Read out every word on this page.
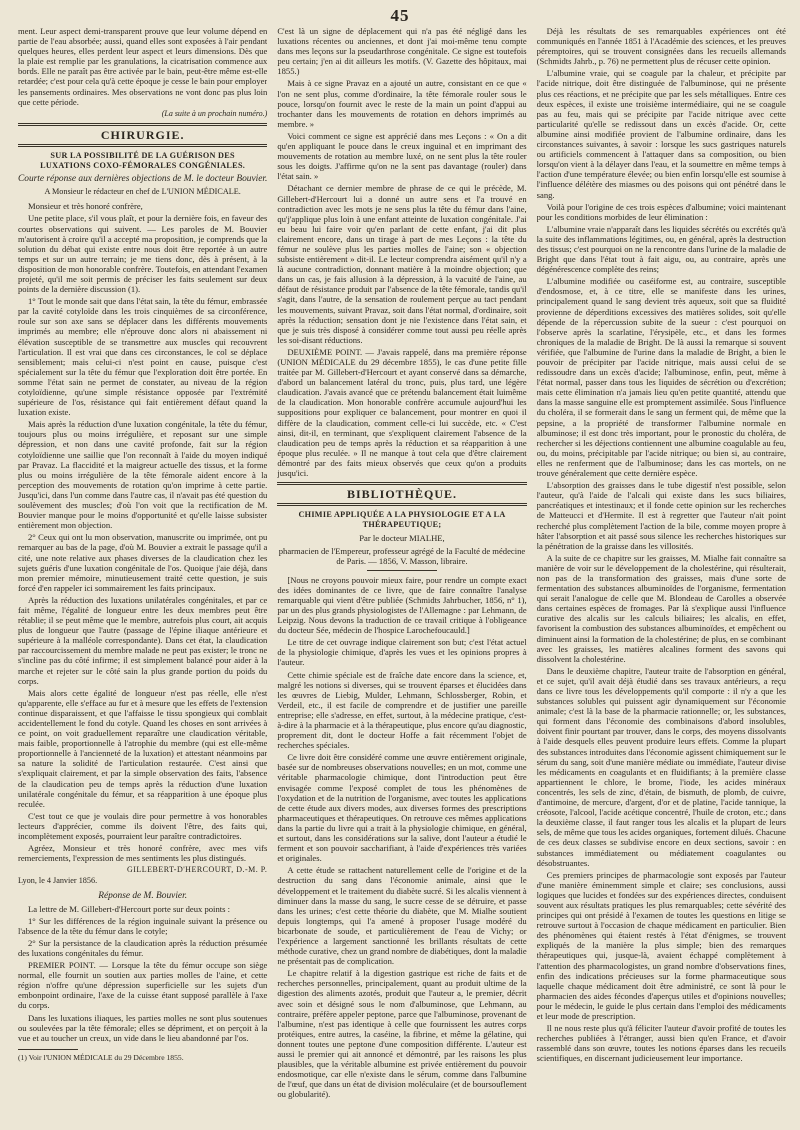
45

ment. Leur aspect demi-transparent prouve que leur volume dépend en partie de l'eau absorbée; aussi, quand elles sont exposées à l'air pendant quelques heures, elles perdent leur aspect et leurs dimensions. Dès que la plaie est remplie par les granulations, la cicatrisation commence aux bords. Elle ne paraît pas être activée par le bain, peut-être même est-elle retardée; c'est pour cela qu'à cette époque je cesse le bain pour employer les pansements ordinaires. Mes observations ne vont donc pas plus loin que cette période.

(La suite à un prochain numéro.)
CHIRURGIE.
SUR LA POSSIBILITÉ DE LA GUÉRISON DES LUXATIONS COXO-FÉMORALES CONGÉNIALES.
Courte réponse aux dernières objections de M. le docteur Bouvier.
A Monsieur le rédacteur en chef de L'UNION MÉDICALE.

Monsieur et très honoré confrère,

Une petite place, s'il vous plaît, et pour la dernière fois, en faveur des courtes observations qui suivent. — Les paroles de M. Bouvier m'autorisent à croire qu'il a accepté ma proposition, je comprends que la solution du débat qui existe entre nous doit être reportée à un autre temps et sur un autre terrain; je me tiens donc, dès à présent, à la disposition de mon honorable confrère. Toutefois, en attendant l'examen projeté, qu'il me soit permis de préciser les faits seulement sur deux points de la dernière discussion (1).

1° Tout le monde sait que dans l'état sain, la tête du fémur, embrassée par la cavité cotyloïde dans les trois cinquièmes de sa circonférence, roule sur son axe sans se déplacer dans les différents mouvements imprimés au membre; elle n'éprouve donc alors ni abaissement ni élévation susceptible de se transmettre aux muscles qui recouvrent l'articulation. Il est vrai que dans ces circonstances, le col se déplace sensiblement; mais celui-ci n'est point en cause, puisque c'est spécialement sur la tête du fémur que l'exploration doit être portée. En somme l'état sain ne permet de constater, au niveau de la région cotyloïdienne, qu'une simple résistance opposée par l'extrémité supérieure de l'os, résistance qui fait entièrement défaut quand la luxation existe.

Mais après la réduction d'une luxation congénitale, la tête du fémur, toujours plus ou moins irrégulière, et reposant sur une simple dépression, et non dans une cavité profonde, fait sur la région cotyloïdienne une saillie que l'on reconnaît à l'aide du moyen indiqué par Pravaz. La flaccidité et la maigreur actuelle des tissus, et la forme plus ou moins irrégulière de la tête fémorale aident encore à la perception des mouvements de rotation qu'on imprime à cette partie. Jusqu'ici, dans l'un comme dans l'autre cas, il n'avait pas été question du soulèvement des muscles; d'où l'on voit que la rectification de M. Bouvier manque pour le moins d'opportunité et qu'elle laisse subsister entièrement mon objection.

2° Ceux qui ont lu mon observation, manuscrite ou imprimée, ont pu remarquer au bas de la page, d'où M. Bouvier a extrait le passage qu'il a cité, une note relative aux phases diverses de la claudication chez les sujets guéris d'une luxation congénitale de l'os. Quoique j'aie déjà, dans mon premier mémoire, minutieusement traité cette question, je suis forcé d'en rappeler ici sommairement les faits principaux.

Après la réduction des luxations unilatérales congénitales, et par ce fait même, l'égalité de longueur entre les deux membres peut être rétablie; il se peut même que le membre, autrefois plus court, ait acquis plus de longueur que l'autre (passage de l'épine iliaque antérieure et supérieure à la malléole correspondante). Dans cet état, la claudication par raccourcissement du membre malade ne peut pas exister; le tronc ne s'incline pas du côté infirme; il est simplement balancé pour aider à la marche et rejeter sur le côté sain la plus grande portion du poids du corps.

Mais alors cette égalité de longueur n'est pas réelle, elle n'est qu'apparente, elle s'efface au fur et à mesure que les effets de l'extension continue disparaissent, et que l'affaisse le tissu spongieux qui comblait accidentellement le fond du cotyle. Quand les choses en sont arrivées à ce point, on voit graduellement reparaître une claudication véritable, mais faible, proportionnelle à l'atrophie du membre (qui est elle-même proportionnelle à l'ancienneté de la luxation) et attestant néanmoins par sa nature la solidité de l'articulation restaurée. C'est ainsi que s'expliquait clairement, et par la simple observation des faits, l'absence de la claudication peu de temps après la réduction d'une luxation unilatérale congénitale du fémur, et sa réapparition à une époque plus reculée.

C'est tout ce que je voulais dire pour permettre à vos honorables lecteurs d'apprécier, comme ils doivent l'être, des faits qui, incomplètement exposés, pourraient leur paraître contradictoires.

Agréez, Monsieur et très honoré confrère, avec mes vifs remerciements, l'expression de mes sentiments les plus distingués.

GILLEBERT-D'HERCOURT, D.-M. P.
Lyon, le 4 Janvier 1856.
Réponse de M. Bouvier.

La lettre de M. Gillebert-d'Hercourt porte sur deux points :

1° Sur les différences de la région inguinale suivant la présence ou l'absence de la tête du fémur dans le cotyle;

2° Sur la persistance de la claudication après la réduction présumée des luxations congénitales du fémur.

PREMIER POINT. — Lorsque la tête du fémur occupe son siège normal, elle fournit un soutien aux parties molles de l'aine, et cette région n'offre qu'une dépression superficielle sur les sujets d'un embonpoint ordinaire, l'axe de la cuisse étant supposé parallèle à l'axe du corps.

Dans les luxations iliaques, les parties molles ne sont plus soutenues ou soulevées par la tête fémorale; elles se dépriment, et on perçoit à la vue et au toucher un creux, un vide dans le lieu abandonné par l'os.

(1) Voir l'UNION MÉDICALE du 29 Décembre 1855.

C'est là un signe de déplacement qui n'a pas été négligé dans les luxations récentes ou anciennes, et dont j'ai moi-même tenu compte dans mes leçons sur la pseudarthrose congénitale. Ce signe est toutefois peu certain; j'en ai dit ailleurs les motifs. (V. Gazette des hôpitaux, mai 1855.)

Mais à ce signe Pravaz en a ajouté un autre, consistant en ce que « l'on ne sent plus, comme d'ordinaire, la tête fémorale rouler sous le pouce, lorsqu'on fournit avec le reste de la main un point d'appui au trochanter dans les mouvements de rotation en dehors imprimés au membre. »

Voici comment ce signe est apprécié dans mes Leçons : « On a dit qu'en appliquant le pouce dans le creux inguinal et en imprimant des mouvements de rotation au membre luxé, on ne sent plus la tête rouler sous les doigts. J'affirme qu'on ne la sent pas davantage (rouler) dans l'état sain. »

Détachant ce dernier membre de phrase de ce qui le précède, M. Gillebert-d'Hercourt lui a donné un autre sens et l'a trouvé en contradiction avec les mots je ne sens plus la tête du fémur dans l'aine, qu'j'applique plus loin à une enfant atteinte de luxation congénitale. J'ai eu beau lui faire voir qu'en parlant de cette enfant, j'ai dit plus clairement encore, dans un tirage à part de mes Leçons : la tête du fémur ne soulève plus les parties molles de l'aine; son « objection subsiste entièrement » dit-il. Le lecteur comprendra aisément qu'il n'y a là aucune contradiction, donnant matière à la moindre objection; que dans un cas, je fais allusion à la dépression, à la vacuité de l'aine, au défaut de résistance produit par l'absence de la tête fémorale, tandis qu'il s'agit, dans l'autre, de la sensation de roulement perçue au tact pendant les mouvements, suivant Pravaz, soit dans l'état normal, d'ordinaire, soit après la réduction; sensation dont je nie l'existence dans l'état sain, et que je suis très disposé à considérer comme tout aussi peu réelle après les soi-disant réductions.

DEUXIÈME POINT. — J'avais rappelé, dans ma première réponse (UNION MÉDICALE du 29 décembre 1855), le cas d'une petite fille traitée par M. Gillebert-d'Hercourt et ayant conservé dans sa démarche, d'abord un balancement latéral du tronc, puis, plus tard, une légère claudication. J'avais avancé que ce prétendu balancement était luimême de la claudication. Mon honorable confrère accumule aujourd'hui les suppositions pour expliquer ce balancement, pour montrer en quoi il diffère de la claudication, comment celle-ci lui succède, etc. « C'est ainsi, dit-il, en terminant, que s'expliquent clairement l'absence de la claudication peu de temps après la réduction et sa réapparition à une époque plus reculée. » Il ne manque à tout cela que d'être clairement démontré par des faits mieux observés que ceux qu'on a produits jusqu'ici.

BIBLIOTHÈQUE.
CHIMIE APPLIQUÉE A LA PHYSIOLOGIE ET A LA THÉRAPEUTIQUE;
Par le docteur MIALHE,
pharmacien de l'Empereur, professeur agrégé de la Faculté de médecine de Paris. — 1856, V. Masson, libraire.

[Nous ne croyons pouvoir mieux faire, pour rendre un compte exact des idées dominantes de ce livre, que de faire connaître l'analyse remarquable qui vient d'être publiée (Schmidts Jahrbucher, 1856, n° 1), par un des plus grands physiologistes de l'Allemagne : par Lehmann, de Leipzig. Nous devons la traduction de ce travail critique à l'obligeance du docteur Sée, médecin de l'hospice Larochefoucauld.]

Le titre de cet ouvrage indique clairement son but; c'est l'état actuel de la physiologie chimique, d'après les vues et les opinions propres à l'auteur.

Cette chimie spéciale est de fraîche date encore dans la science, et, malgré les notions si diverses, qui se trouvent éparses et élucidées dans les œuvres de Liebig, Mulder, Lehmann, Schlossberger, Robin, et Verdeil, etc., il est facile de comprendre et de justifier une pareille entreprise; elle s'adresse, en effet, surtout, à la médecine pratique, c'est-à-dire à la pharmacie et à la thérapeutique, plus encore qu'au diagnostic, proprement dit, dont le docteur Hoffe a fait récemment l'objet de recherches spéciales.

Ce livre doit être considéré comme une œuvre entièrement originale, basée sur de nombreuses observations nouvelles; en un mot, comme une véritable pharmacologie chimique, dont l'introduction peut être envisagée comme l'exposé complet de tous les phénomènes de l'oxydation et de la nutrition de l'organisme, avec toutes les applications de cette étude aux divers modes, aux diverses formes des prescriptions pharmaceutiques et thérapeutiques. On retrouve ces mêmes applications dans la partie du livre qui a trait à la physiologie chimique, en général, et surtout, dans les considérations sur la salive, dont l'auteur a étudié le ferment et son pouvoir saccharifiant, à l'aide d'expériences très variées et originales.

A cette étude se rattachent naturellement celle de l'origine et de la destruction du sang dans l'économie animale, ainsi que le développement et le traitement du diabète sucré. Si les alcalis viennent à diminuer dans la masse du sang, le sucre cesse de se détruire, et passe dans les urines; c'est cette théorie du diabète, que M. Mialhe soutient depuis longtemps, qui l'a amené à proposer l'usage modéré du bicarbonate de soude, et particulièrement de l'eau de Vichy; or l'expérience a largement sanctionné les brillants résultats de cette méthode curative, chez un grand nombre de diabétiques, dont la maladie ne présentait pas de complication.

Le chapitre relatif à la digestion gastrique est riche de faits et de recherches personnelles, principalement, quant au produit ultime de la digestion des aliments azotés, produit que l'auteur a, le premier, décrit avec soin et désigné sous le nom d'albuminose, que Lehmann, au contraire, préfère appeler peptone, parce que l'albuminose, provenant de l'albumine, n'est pas identique à celle que fournissent les autres corps protéiques, entre autres, la caséine, la fibrine, et même la gélatine, qui donnent toutes une peptone d'une composition différente. L'auteur est aussi le premier qui ait annoncé et démontré, par les raisons les plus plausibles, que la véritable albumine est privée entièrement du pouvoir endosmotique, car elle n'existe dans le sérum, comme dans l'albumine de l'œuf, que dans un état de division moléculaire (et de boursouflement ou globularité).

Déjà les résultats de ses remarquables expériences ont été communiqués en l'année 1851 à l'Académie des sciences, et les preuves péremptoires, qui se trouvent consignées dans les recueils allemands (Schmidts Jahrb., p. 76) ne permettent plus de récuser cette opinion.

L'albumine vraie, qui se coagule par la chaleur, et précipite par l'acide nitrique, doit être distinguée de l'albuminose, qui ne présente plus ces réactions, et ne précipite que par les sels métalliques. Entre ces deux espèces, il existe une troisième intermédiaire, qui ne se coagule pas au feu, mais qui se précipite par l'acide nitrique avec cette particularité qu'elle se redissout dans un excès d'acide. Or, cette albumine ainsi modifiée provient de l'albumine ordinaire, dans les circonstances suivantes, à savoir : lorsque les sucs gastriques naturels ou artificiels commencent à l'attaquer dans sa composition, ou bien lorsqu'on vient à la délayer dans l'eau, et la soumettre en même temps à l'action d'une température élevée; ou bien enfin lorsqu'elle est soumise à l'influence délétère des miasmes ou des poisons qui ont pénétré dans le sang.

Voilà pour l'origine de ces trois espèces d'albumine; voici maintenant pour les conditions morbides de leur élimination :

L'albumine vraie n'apparaît dans les liquides sécrétés ou excrétés qu'à la suite des inflammations légitimes, ou, en général, après la destruction des tissus; c'est pourquoi on ne la rencontre dans l'urine de la maladie de Bright que dans l'état tout à fait aigu, ou, au contraire, après une dégénérescence complète des reins;

L'albumine modifiée ou caséiforme est, au contraire, susceptible d'endosmose, et, à ce titre, elle se manifeste dans les urines, principalement quand le sang devient très aqueux, soit que sa fluidité provienne de déperditions excessives des matières solides, soit qu'elle dépende de la répercussion subite de la sueur : c'est pourquoi on l'observe après la scarlatine, l'érysipèle, etc., et dans les formes chroniques de la maladie de Bright. De là aussi la remarque si souvent vérifiée, que l'albumine de l'urine dans la maladie de Bright, a bien le pouvoir de précipiter par l'acide nitrique, mais aussi celui de se redissoudre dans un excès d'acide; l'albuminose, enfin, peut, même à l'état normal, passer dans tous les liquides de sécrétion ou d'excrétion; mais cette élimination n'a jamais lieu qu'en petite quantité, attendu que dans la masse sanguine elle est promptement assimilée. Sous l'influence du choléra, il se formerait dans le sang un ferment qui, de même que la pepsine, a la propriété de transformer l'albumine normale en albuminose; il est donc très important, pour le pronostic du choléra, de rechercher si les déjections contiennent une albumine coagulable au feu, ou, du moins, précipitable par l'acide nitrique; ou bien si, au contraire, elles ne renferment que de l'albuminose; dans les cas mortels, on ne trouve généralement que cette dernière espèce.

L'absorption des graisses dans le tube digestif n'est possible, selon l'auteur, qu'à l'aide de l'alcali qui existe dans les sucs biliaires, pancréatiques et intestinaux; et il fonde cette opinion sur les recherches de Matteucci et d'Hermite. Il est à regretter que l'auteur n'ait point recherché plus complètement l'action de la bile, comme moyen propre à hâter l'absorption et ait passé sous silence les recherches historiques sur la pénétration de la graisse dans les villosités.

A la suite de ce chapitre sur les graisses, M. Mialhe fait connaître sa manière de voir sur le développement de la cholestérine, qui résulterait, non pas de la transformation des graisses, mais d'une sorte de fermentation des substances albuminoïdes de l'organisme, fermentation qui serait l'analogue de celle que M. Blondeau de Carolles a observée dans certaines espèces de fromages. Par là s'explique aussi l'influence curative des alcalis sur les calculs biliaires; les alcalis, en effet, favorisent la combustion des substances albuminoïdes, et empêchent ou diminuent ainsi la formation de la cholestérine; de plus, en se combinant avec les graisses, les matières alcalines forment des savons qui dissolvent la cholestérine.

Dans le deuxième chapitre, l'auteur traite de l'absorption en général, et ce sujet, qu'il avait déjà étudié dans ses travaux antérieurs, a reçu dans ce livre tous les développements qu'il comporte : il n'y a que les substances solubles qui puissent agir dynamiquement sur l'économie animale; c'est là la base de la pharmacie rationnelle; or, les substances, qui forment dans l'économie des combinaisons d'abord insolubles, doivent finir pourtant par trouver, dans le corps, des moyens dissolvants à l'aide desquels elles peuvent produire leurs effets. Comme la plupart des substances introduites dans l'économie agissent chimiquement sur le sérum du sang, soit d'une manière médiate ou immédiate, l'auteur divise les médicaments en coagulants et en fluidifiants; à la première classe appartiennent le chlore, le brome, l'iode, les acides minéraux concentrés, les sels de zinc, d'étain, de bismuth, de plomb, de cuivre, d'antimoine, de mercure, d'argent, d'or et de platine, l'acide tannique, la créosote, l'alcool, l'acide acétique concentré, l'huile de croton, etc.; dans la deuxième classe, il faut ranger tous les alcalis et la plupart de leurs sels, de même que tous les acides organiques, fortement dilués. Chacune de ces deux classes se subdivise encore en deux sections, savoir : en substances immédiatement ou médiatement coagulantes ou désobstruantes.

Ces premiers principes de pharmacologie sont exposés par l'auteur d'une manière éminemment simple et claire; ses conclusions, aussi logiques que lucides et fondées sur des expériences directes, conduisent souvent aux résultats pratiques les plus remarquables; cette sévérité des principes qui ont présidé à l'examen de toutes les questions en litige se retrouve surtout à l'occasion de chaque médicament en particulier. Bien des phénomènes qui étaient restés à l'état d'énigmes, se trouvent expliqués de la manière la plus simple; bien des remarques thérapeutiques qui, jusque-là, avaient échappé complètement à l'attention des pharmacologistes, un grand nombre d'observations fines, enfin des indications précieuses sur la forme pharmaceutique sous laquelle chaque médicament doit être administré, ce sont là pour le pharmacien des aides fécondes d'aperçus utiles et d'opinions nouvelles; pour le médecin, le guide le plus certain dans l'emploi des médicaments et leur mode de prescription.

Il ne nous reste plus qu'à féliciter l'auteur d'avoir profité de toutes les recherches publiées à l'étranger, aussi bien qu'en France, et d'avoir rassemblé dans son œuvre, toutes les notions éparses dans les recueils scientifiques, en discernant judicieusement leur importance.
